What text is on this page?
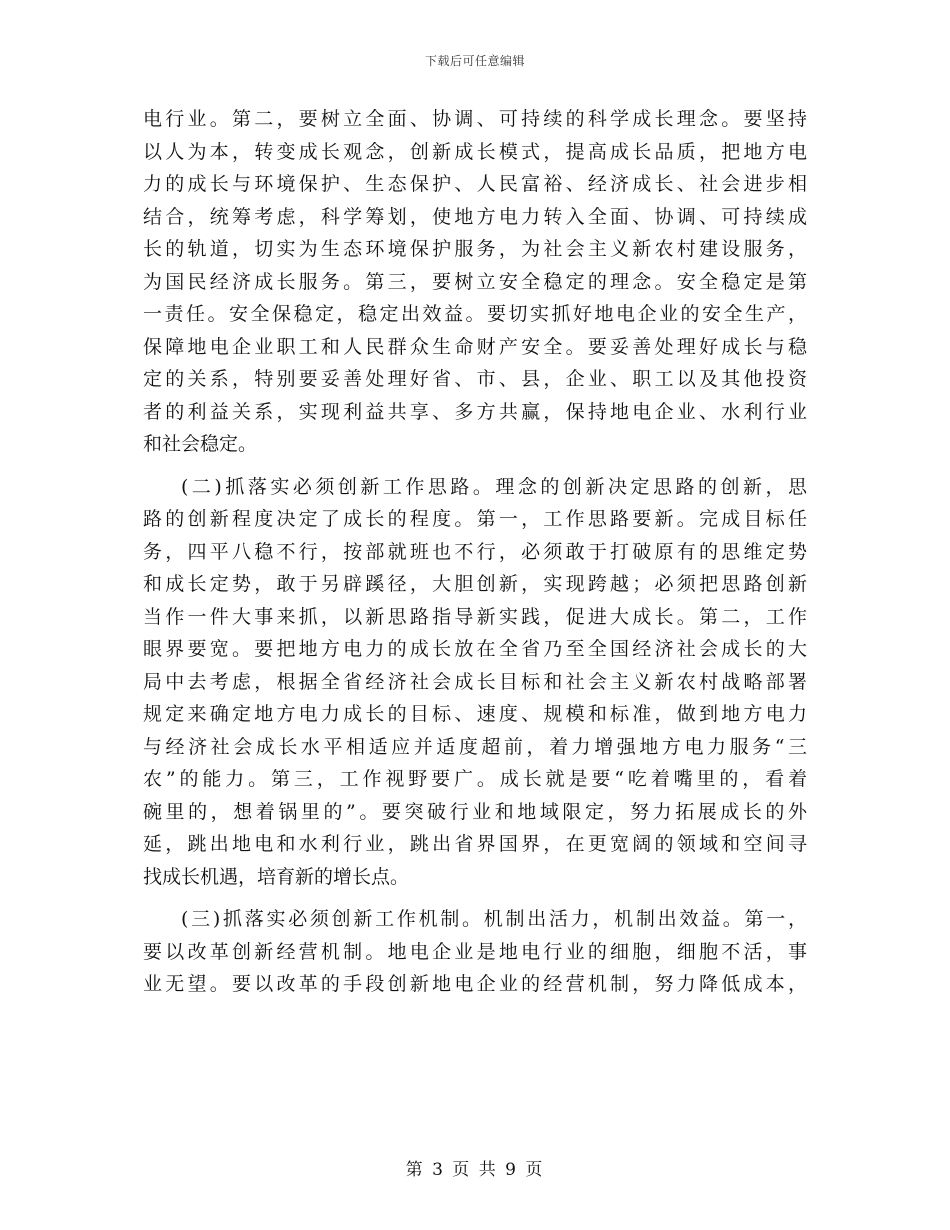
下载后可任意编辑
电行业。第二，要树立全面、协调、可持续的科学成长理念。要坚持
以人为本，转变成长观念，创新成长模式，提高成长品质，把地方电
力的成长与环境保护、生态保护、人民富裕、经济成长、社会进步相
结合，统筹考虑，科学筹划，使地方电力转入全面、协调、可持续成
长的轨道，切实为生态环境保护服务，为社会主义新农村建设服务，
为国民经济成长服务。第三，要树立安全稳定的理念。安全稳定是第
一责任。安全保稳定，稳定出效益。要切实抓好地电企业的安全生产，
保障地电企业职工和人民群众生命财产安全。要妥善处理好成长与稳
定的关系，特别要妥善处理好省、市、县，企业、职工以及其他投资
者的利益关系，实现利益共享、多方共赢，保持地电企业、水利行业
和社会稳定。
(二)抓落实必须创新工作思路。理念的创新决定思路的创新，思
路的创新程度决定了成长的程度。第一，工作思路要新。完成目标任
务，四平八稳不行，按部就班也不行，必须敢于打破原有的思维定势
和成长定势，敢于另辟蹊径，大胆创新，实现跨越；必须把思路创新
当作一件大事来抓，以新思路指导新实践，促进大成长。第二，工作
眼界要宽。要把地方电力的成长放在全省乃至全国经济社会成长的大
局中去考虑，根据全省经济社会成长目标和社会主义新农村战略部署
规定来确定地方电力成长的目标、速度、规模和标准，做到地方电力
与经济社会成长水平相适应并适度超前，着力增强地方电力服务“三
农”的能力。第三，工作视野要广。成长就是要“吃着嘴里的，看着
碗里的，想着锅里的”。要突破行业和地域限定，努力拓展成长的外
延，跳出地电和水利行业，跳出省界国界，在更宽阔的领域和空间寻
找成长机遇，培育新的增长点。
(三)抓落实必须创新工作机制。机制出活力，机制出效益。第一，
要以改革创新经营机制。地电企业是地电行业的细胞，细胞不活，事
业无望。要以改革的手段创新地电企业的经营机制，努力降低成本，
第 3 页 共 9 页
